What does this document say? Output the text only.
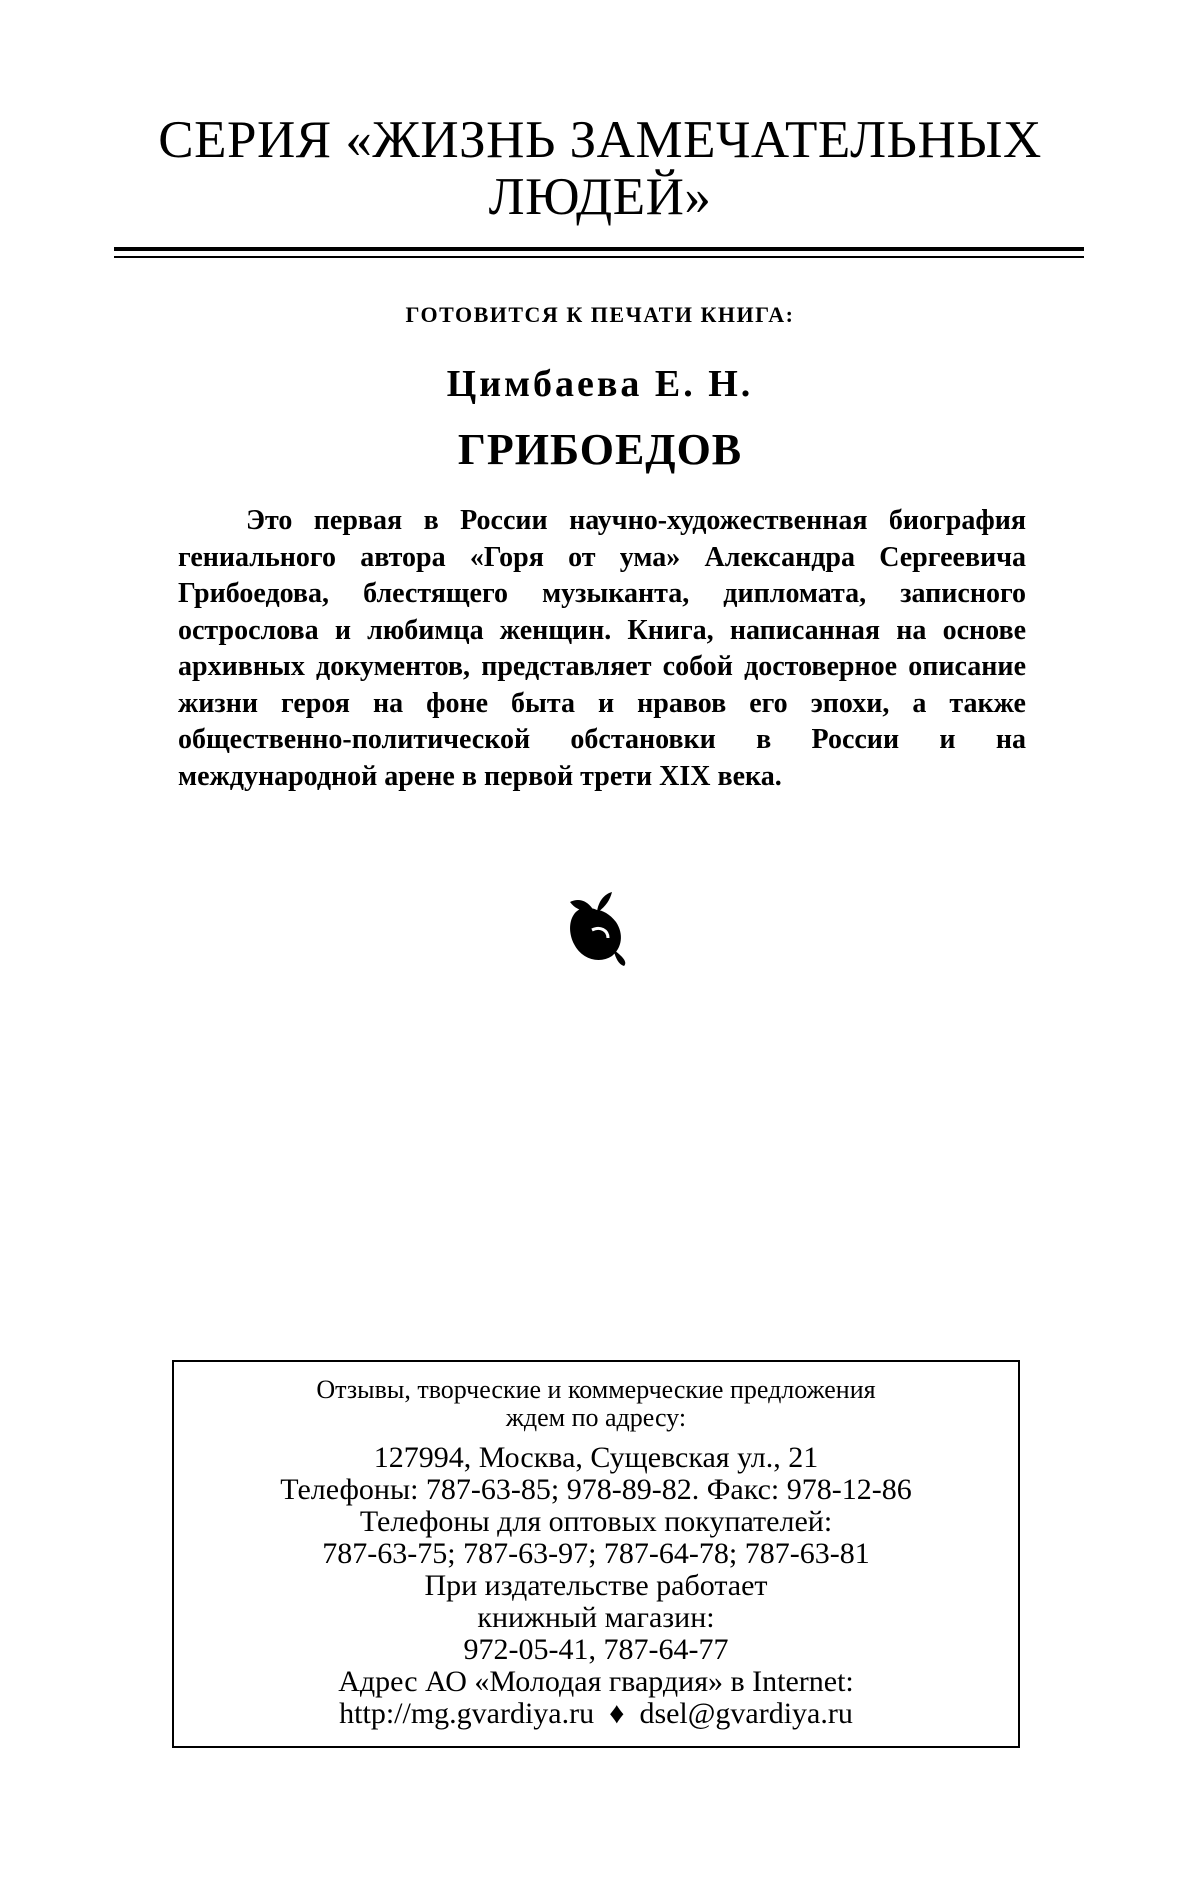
СЕРИЯ «ЖИЗНЬ ЗАМЕЧАТЕЛЬНЫХ
ЛЮДЕЙ»
ГОТОВИТСЯ К ПЕЧАТИ КНИГА:
Цимбаева Е. Н.
ГРИБОЕДОВ

Это первая в России научно-художественная биография гениального автора «Горя от ума» Александра Сергеевича Грибоедова, блестящего музыканта, дипломата, записного острослова и любимца женщин. Книга, написанная на основе архивных документов, представляет собой достоверное описание жизни героя на фоне быта и нравов его эпохи, а также общественно-политической обстановки в России и на международной арене в первой трети XIX века.

Отзывы, творческие и коммерческие предложения
ждем по адресу:
127994, Москва, Сущевская ул., 21
Телефоны: 787-63-85; 978-89-82. Факс: 978-12-86
Телефоны для оптовых покупателей:
787-63-75; 787-63-97; 787-64-78; 787-63-81
При издательстве работает
книжный магазин:
972-05-41, 787-64-77
Адрес АО «Молодая гвардия» в Internet:
http://mg.gvardiya.ru ♦ dsel@gvardiya.ru
